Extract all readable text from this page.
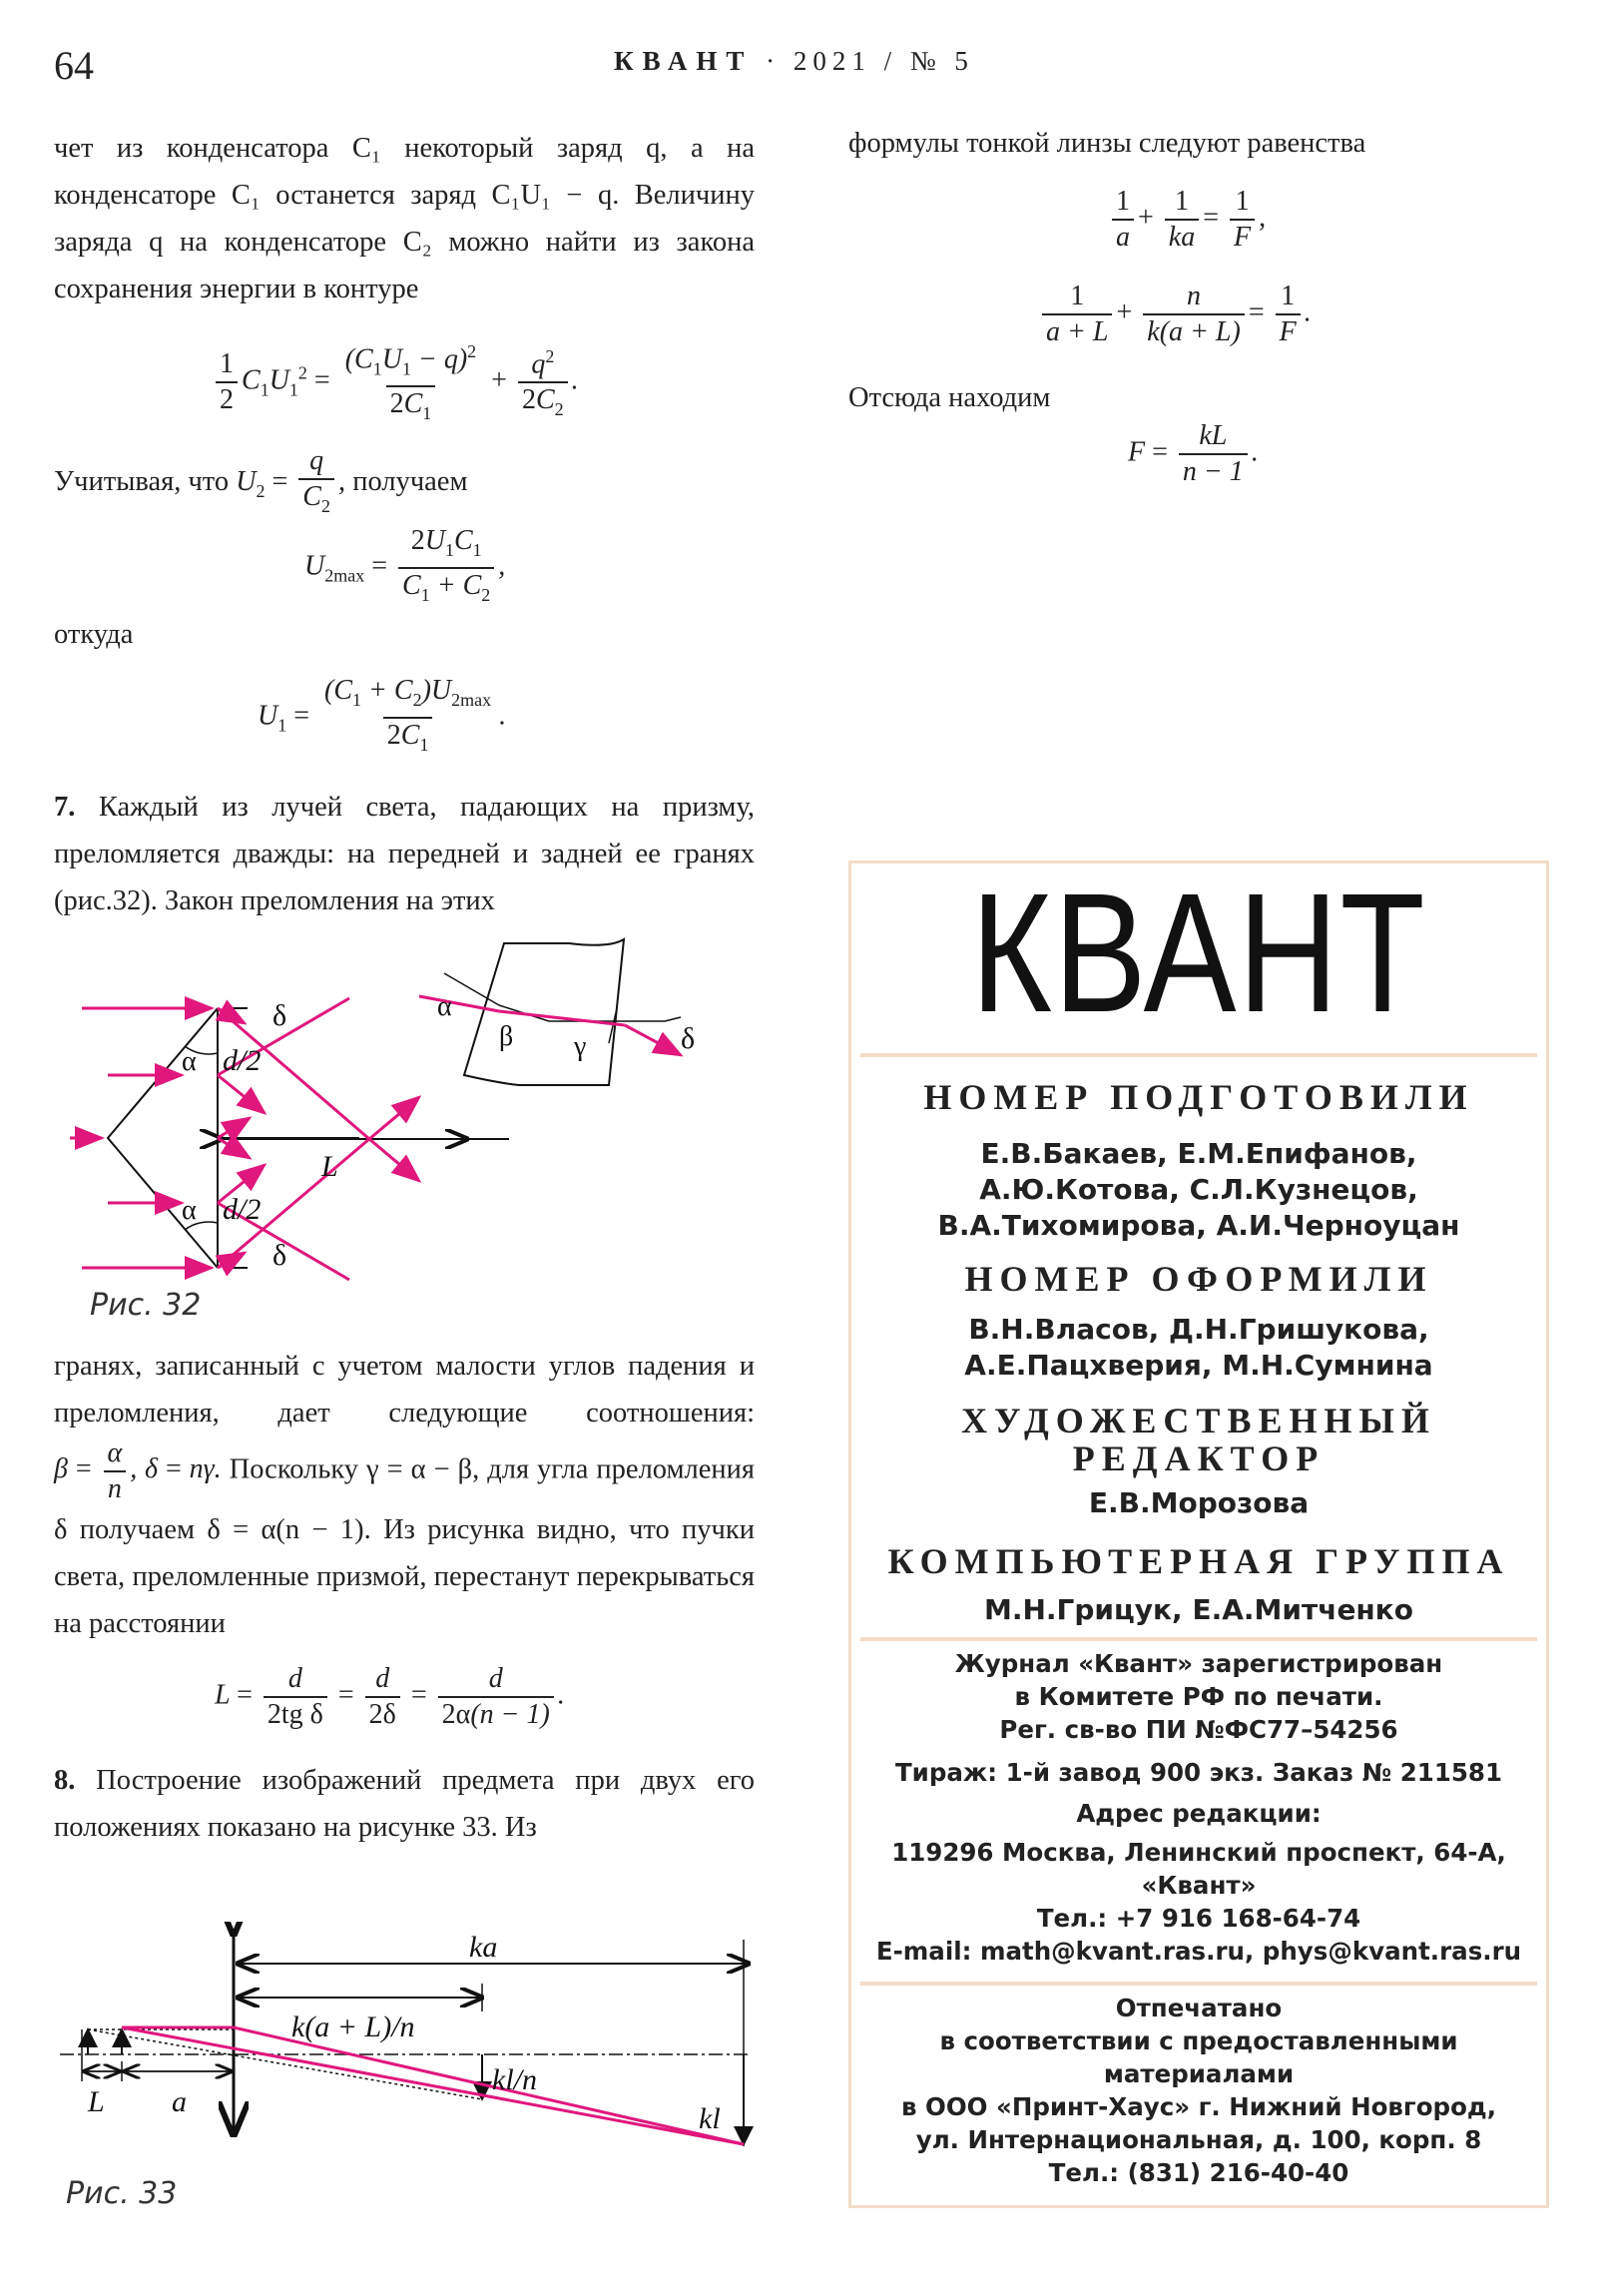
64	КВАНТ · 2021 / № 5

чет из конденсатора C₁ некоторый заряд q, а на конденсаторе C₁ останется заряд C₁U₁ − q. Величину заряда q на конденсаторе C₂ можно найти из закона сохранения энергии в контуре

$\frac{1}{2} C_1U_1^2 = \frac{(C_1U_1 - q)^2}{2C_1} + \frac{q^2}{2C_2}$ .
Учитывая, что $U_2 = \frac{q}{C_2}$ , получаем
$U_{2max} = \frac{2U_1C_1}{C_1 + C_2}$ ,

откуда

$U_1 = \frac{(C_1 + C_2)U_{2max}}{2C_1}$ .

7. Каждый из лучей света, падающих на призму, преломляется дважды: на передней и задней ее гранях (рис.32). Закон преломления на этих

δ
α d/2
L
α d/2
δ
α
β γ	δ
Рис. 32

гранях, записанный с учетом малости углов падения и преломления, дает следующие соотношения: $\beta = \frac{\alpha}{n}$ , δ = nγ. Поскольку γ = α − β, для угла преломления δ получаем δ = α(n − 1). Из рисунка видно, что пучки света, преломленные призмой, перестанут перекрываться на расстоянии

$L = \frac{d}{\text{2tg δ}} = \frac{d}{2\delta} = \frac{d}{2\alpha(n - 1)}$ .

8. Построение изображений предмета при двух его положениях показано на рисунке 33. Из

ka
k(a + L)/n
kl/n
kl
L a
Рис. 33

формулы тонкой линзы следуют равенства

$\frac{1}{a} + \frac{1}{ka} = \frac{1}{F}$ ,
$\frac{1}{a + L} + \frac{n}{k(a + L)} = \frac{1}{F}$ .

Отсюда находим

$F = \frac{kL}{n - 1}$ .
КВАНТ
НОМЕР ПОДГОТОВИЛИ
Е.В.Бакаев, Е.М.Епифанов,
А.Ю.Котова, С.Л.Кузнецов,
В.А.Тихомирова, А.И.Черноуцан
НОМЕР ОФОРМИЛИ
В.Н.Власов, Д.Н.Гришукова,
А.Е.Пацхверия, М.Н.Сумнина
ХУДОЖЕСТВЕННЫЙ
РЕДАКТОР
Е.В.Морозова
КОМПЬЮТЕРНАЯ ГРУППА
М.Н.Грицук, Е.А.Митченко
Журнал «Квант» зарегистрирован
в Комитете РФ по печати.
Рег. св-во ПИ №ФС77–54256
Тираж: 1-й завод 900 экз. Заказ № 211581
Адрес редакции:
119296 Москва, Ленинский проспект, 64-А,
«Квант»
Тел.: +7 916 168-64-74
E-mail: math@kvant.ras.ru, phys@kvant.ras.ru
Отпечатано
в соответствии с предоставленными
материалами
в ООО «Принт-Хаус» г. Нижний Новгород,
ул. Интернациональная, д. 100, корп. 8
Тел.: (831) 216-40-40
